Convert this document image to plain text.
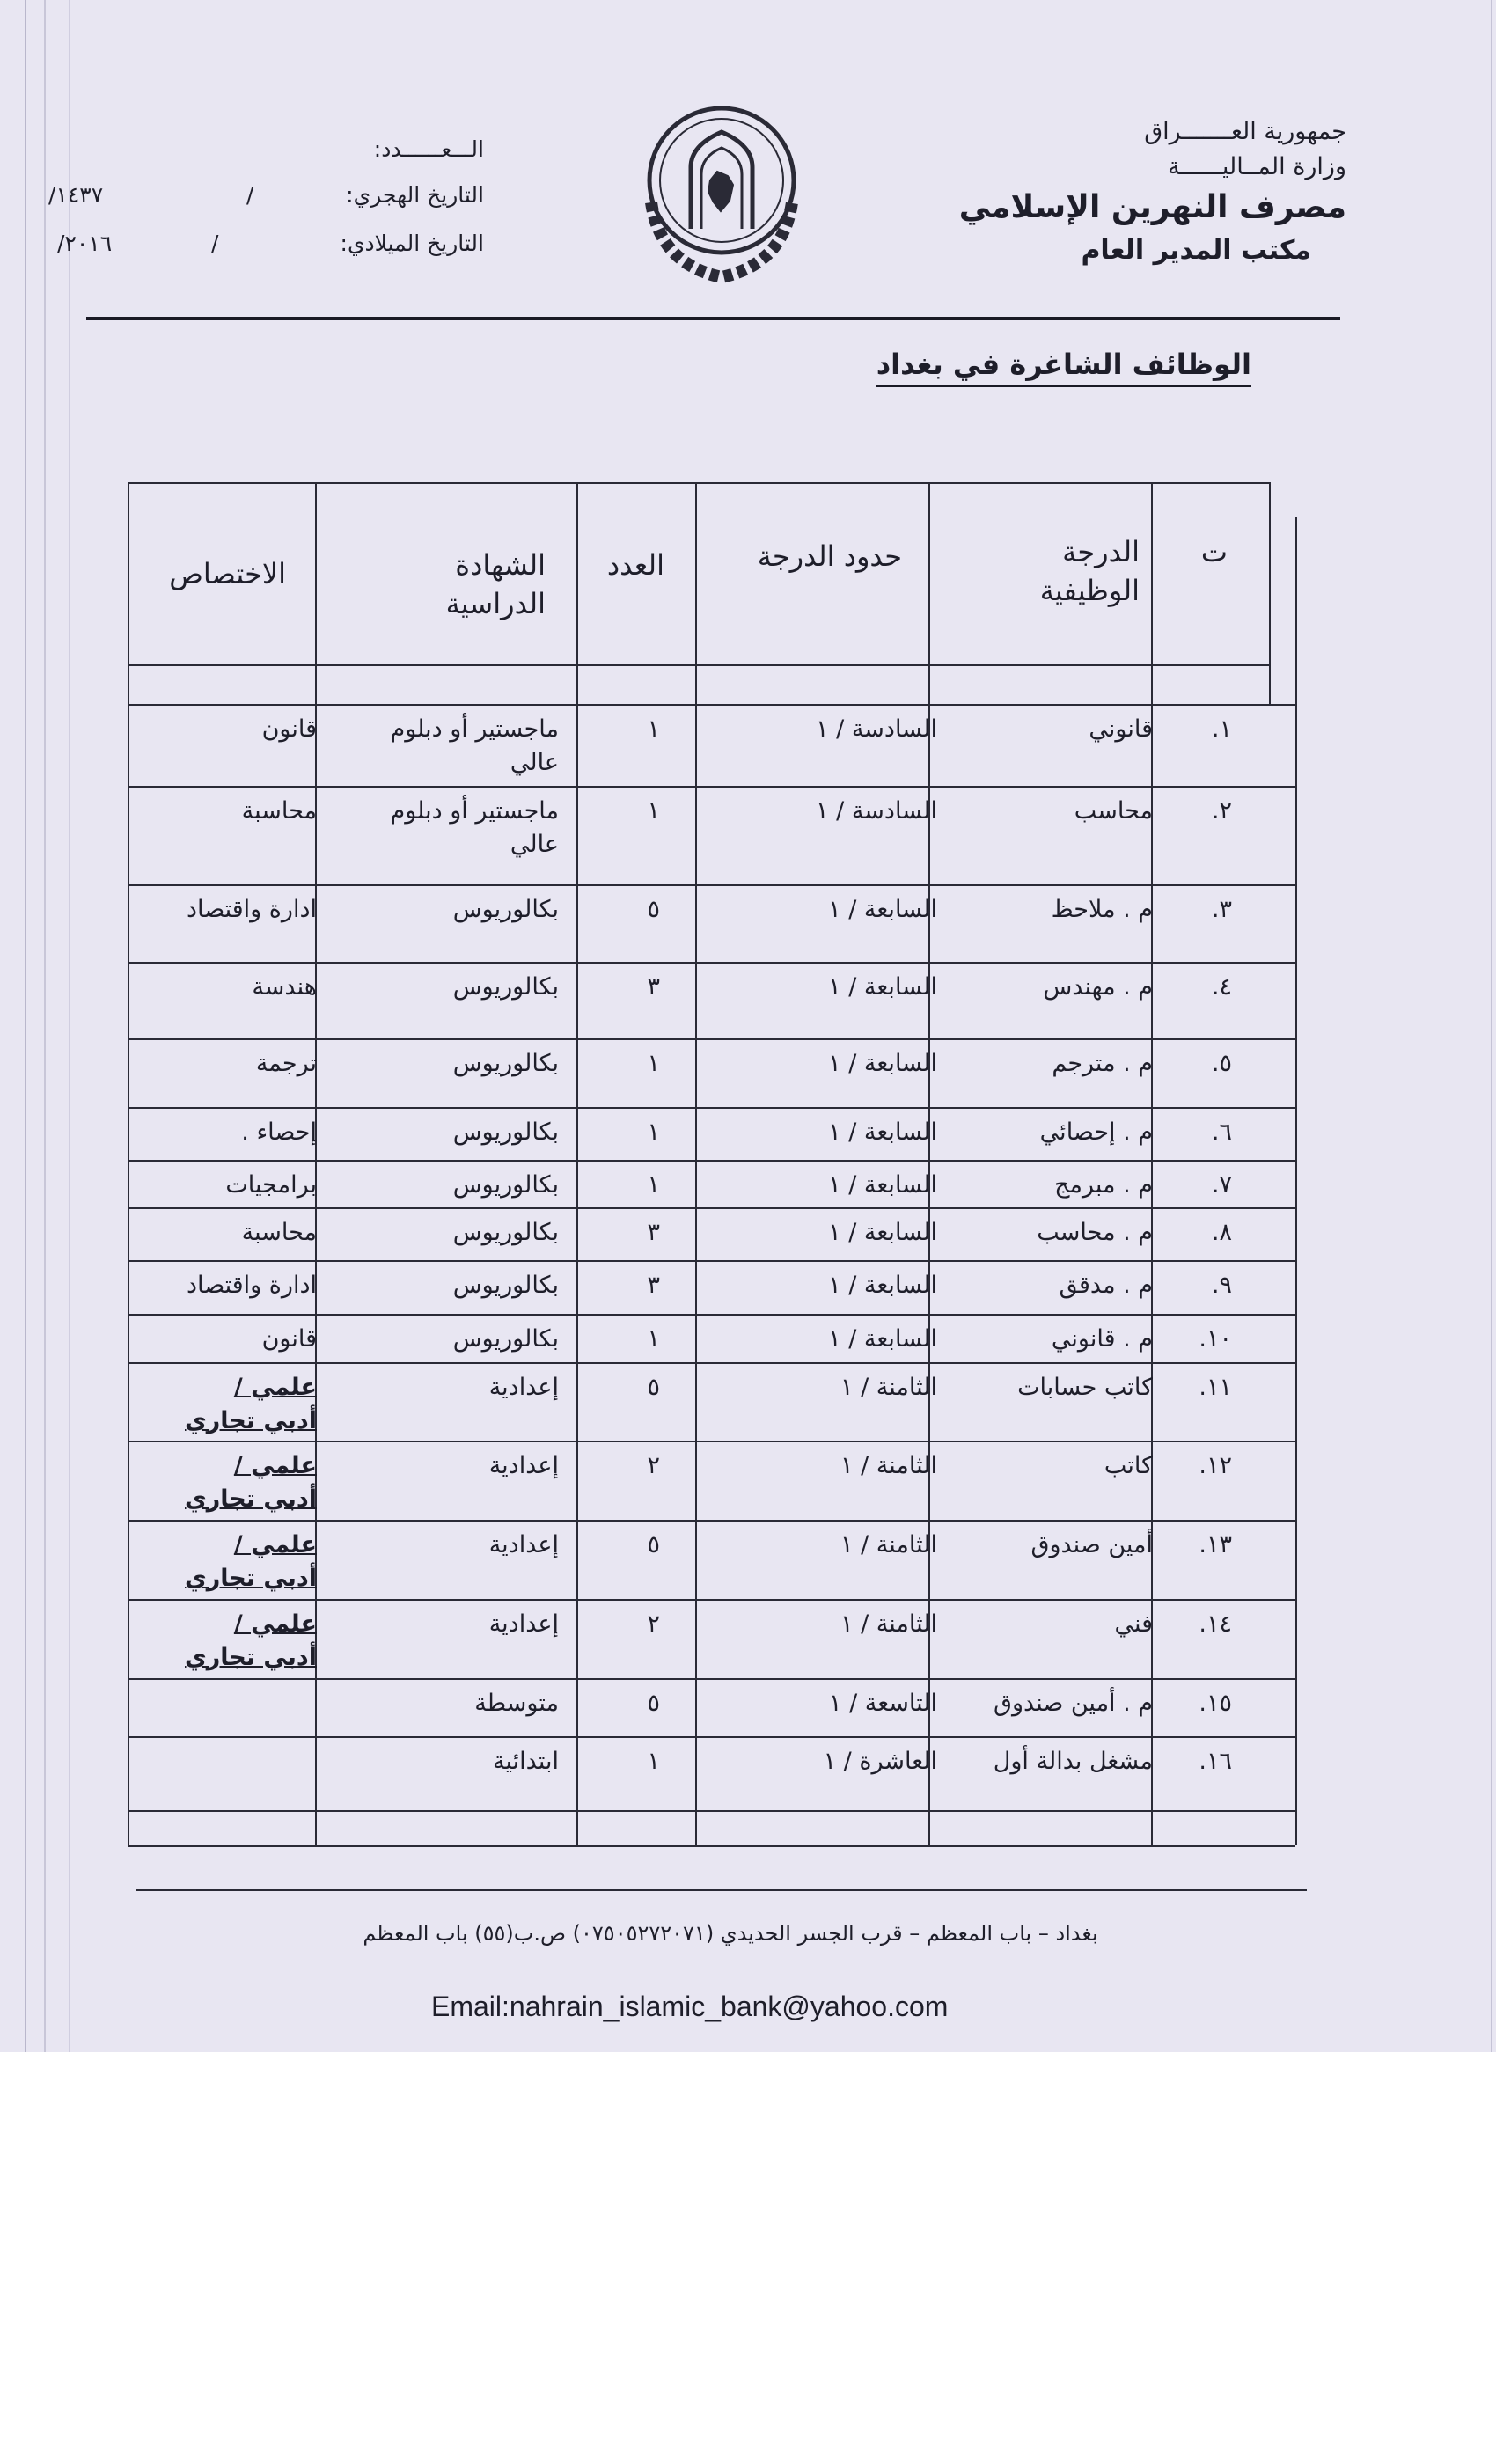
جمهورية العـــــــراق
وزارة المــاليــــــة
مصرف النهرين الإسلامي
مكتب المدير العام
الـــعــــــدد:
التاريخ الهجري:
/
١٤٣٧/
التاريخ الميلادي:
/
٢٠١٦/
الوظائف الشاغرة في بغداد
بغداد – باب المعظم – قرب الجسر الحديدي (٠٧٥٠٥٢٧٢٠٧١) ص.ب(٥٥) باب المعظم
Email:nahrain_islamic_bank@yahoo.com
ت
الدرجة الوظيفية
حدود الدرجة
العدد
الشهادة الدراسية
الاختصاص
١.
قانوني
السادسة / ١
١
ماجستير أو دبلوم عالي
قانون
٢.
محاسب
السادسة / ١
١
ماجستير أو دبلوم عالي
محاسبة
٣.
م . ملاحظ
السابعة / ١
٥
بكالوريوس
ادارة واقتصاد
٤.
م . مهندس
السابعة / ١
٣
بكالوريوس
هندسة
٥.
م . مترجم
السابعة / ١
١
بكالوريوس
ترجمة
٦.
م . إحصائي
السابعة / ١
١
بكالوريوس
إحصاء .
٧.
م . مبرمج
السابعة / ١
١
بكالوريوس
برامجيات
٨.
م . محاسب
السابعة / ١
٣
بكالوريوس
محاسبة
٩.
م . مدقق
السابعة / ١
٣
بكالوريوس
ادارة واقتصاد
١٠.
م . قانوني
السابعة / ١
١
بكالوريوس
قانون
١١.
كاتب حسابات
الثامنة / ١
٥
إعدادية
علمي / أدبي تجاري
١٢.
كاتب
الثامنة / ١
٢
إعدادية
علمي / أدبي تجاري
١٣.
أمين صندوق
الثامنة / ١
٥
إعدادية
علمي / أدبي تجاري
١٤.
فني
الثامنة / ١
٢
إعدادية
علمي / أدبي تجاري
١٥.
م . أمين صندوق
التاسعة / ١
٥
متوسطة
١٦.
مشغل بدالة أول
العاشرة / ١
١
ابتدائية
